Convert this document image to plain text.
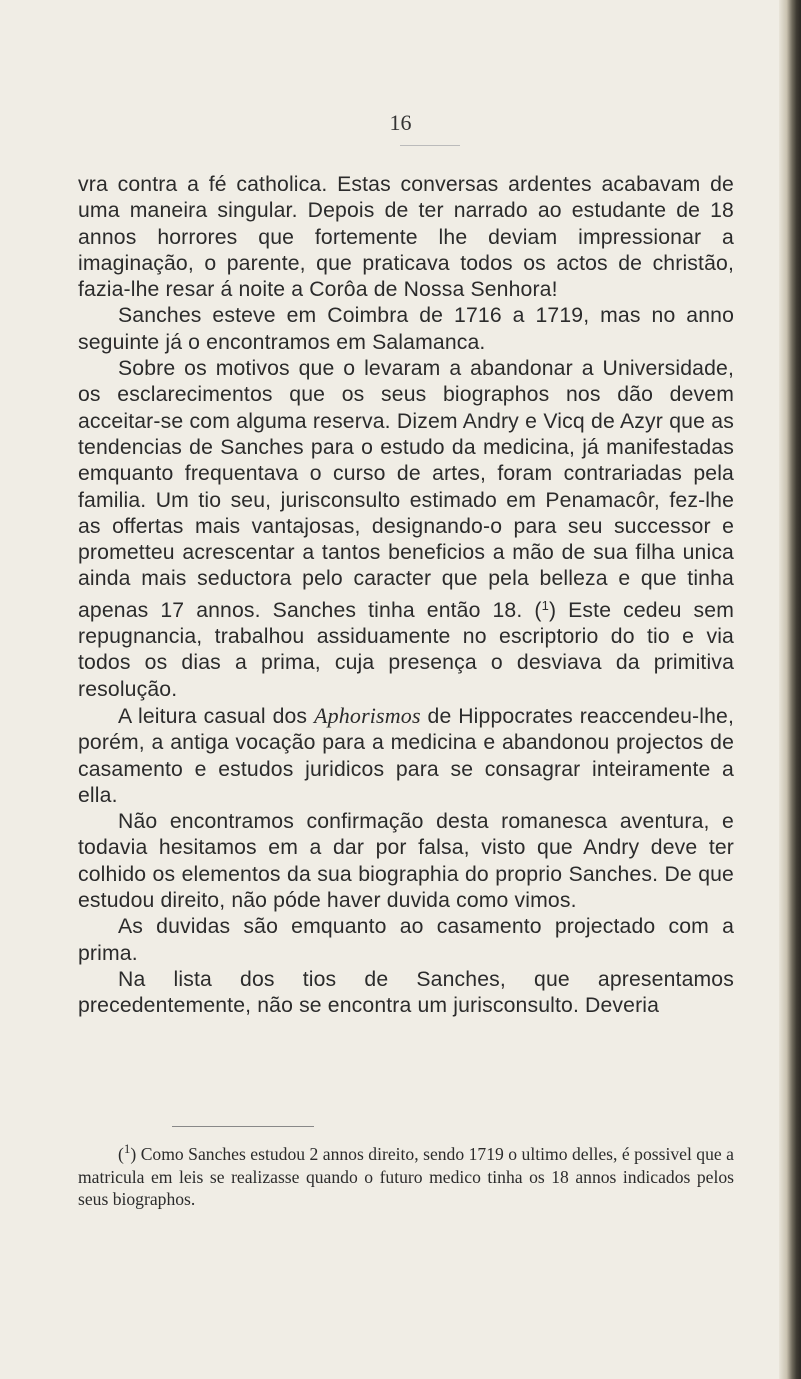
16

vra contra a fé catholica. Estas conversas ardentes acabavam de uma maneira singular. Depois de ter narrado ao estudante de 18 annos horrores que fortemente lhe deviam impressionar a imaginação, o parente, que praticava todos os actos de christão, fazia-lhe resar á noite a Corôa de Nossa Senhora!

Sanches esteve em Coimbra de 1716 a 1719, mas no anno seguinte já o encontramos em Salamanca.

Sobre os motivos que o levaram a abandonar a Universidade, os esclarecimentos que os seus biographos nos dão devem acceitar-se com alguma reserva. Dizem Andry e Vicq de Azyr que as tendencias de Sanches para o estudo da medicina, já manifestadas emquanto frequentava o curso de artes, foram contrariadas pela familia. Um tio seu, jurisconsulto estimado em Penamacôr, fez-lhe as offertas mais vantajosas, designando-o para seu successor e prometteu acrescentar a tantos beneficios a mão de sua filha unica ainda mais seductora pelo caracter que pela belleza e que tinha apenas 17 annos. Sanches tinha então 18. ($^1$) Este cedeu sem repugnancia, trabalhou assiduamente no escriptorio do tio e via todos os dias a prima, cuja presença o desviava da primitiva resolução.

A leitura casual dos Aphorismos de Hippocrates reaccendeu-lhe, porém, a antiga vocação para a medicina e abandonou projectos de casamento e estudos juridicos para se consagrar inteiramente a ella.

Não encontramos confirmação desta romanesca aventura, e todavia hesitamos em a dar por falsa, visto que Andry deve ter colhido os elementos da sua biographia do proprio Sanches. De que estudou direito, não póde haver duvida como vimos.

As duvidas são emquanto ao casamento projectado com a prima.

Na lista dos tios de Sanches, que apresentamos precedentemente, não se encontra um jurisconsulto. Deveria

($^1$) Como Sanches estudou 2 annos direito, sendo 1719 o ultimo delles, é possivel que a matricula em leis se realizasse quando o futuro medico tinha os 18 annos indicados pelos seus biographos.
